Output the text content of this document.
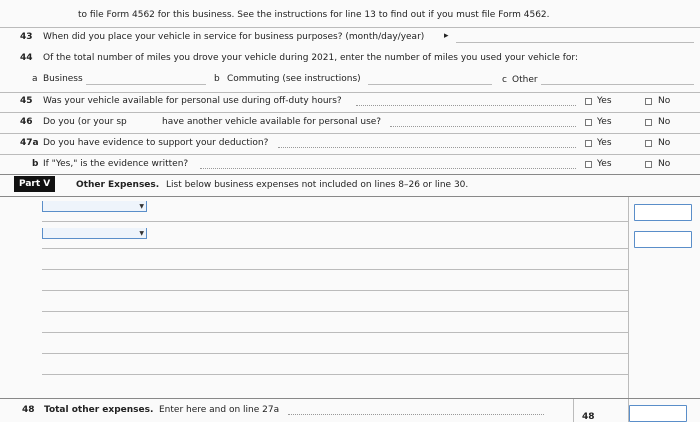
to file Form 4562 for this business. See the instructions for line 13 to find out if you must file Form 4562.
43 When did you place your vehicle in service for business purposes? (month/day/year) ▸
44 Of the total number of miles you drove your vehicle during 2021, enter the number of miles you used your vehicle for:
a Business	b Commuting (see instructions)	c Other
45 Was your vehicle available for personal use during off-duty hours?	Yes	No
46 Do you (or your sp	have another vehicle available for personal use?	Yes	No
47a Do you have evidence to support your deduction?	Yes	No
b If "Yes," is the evidence written?	Yes	No
Part V	Other Expenses. List below business expenses not included on lines 8–26 or line 30.
▼
▼
48 Total other expenses. Enter here and on line 27a
48
